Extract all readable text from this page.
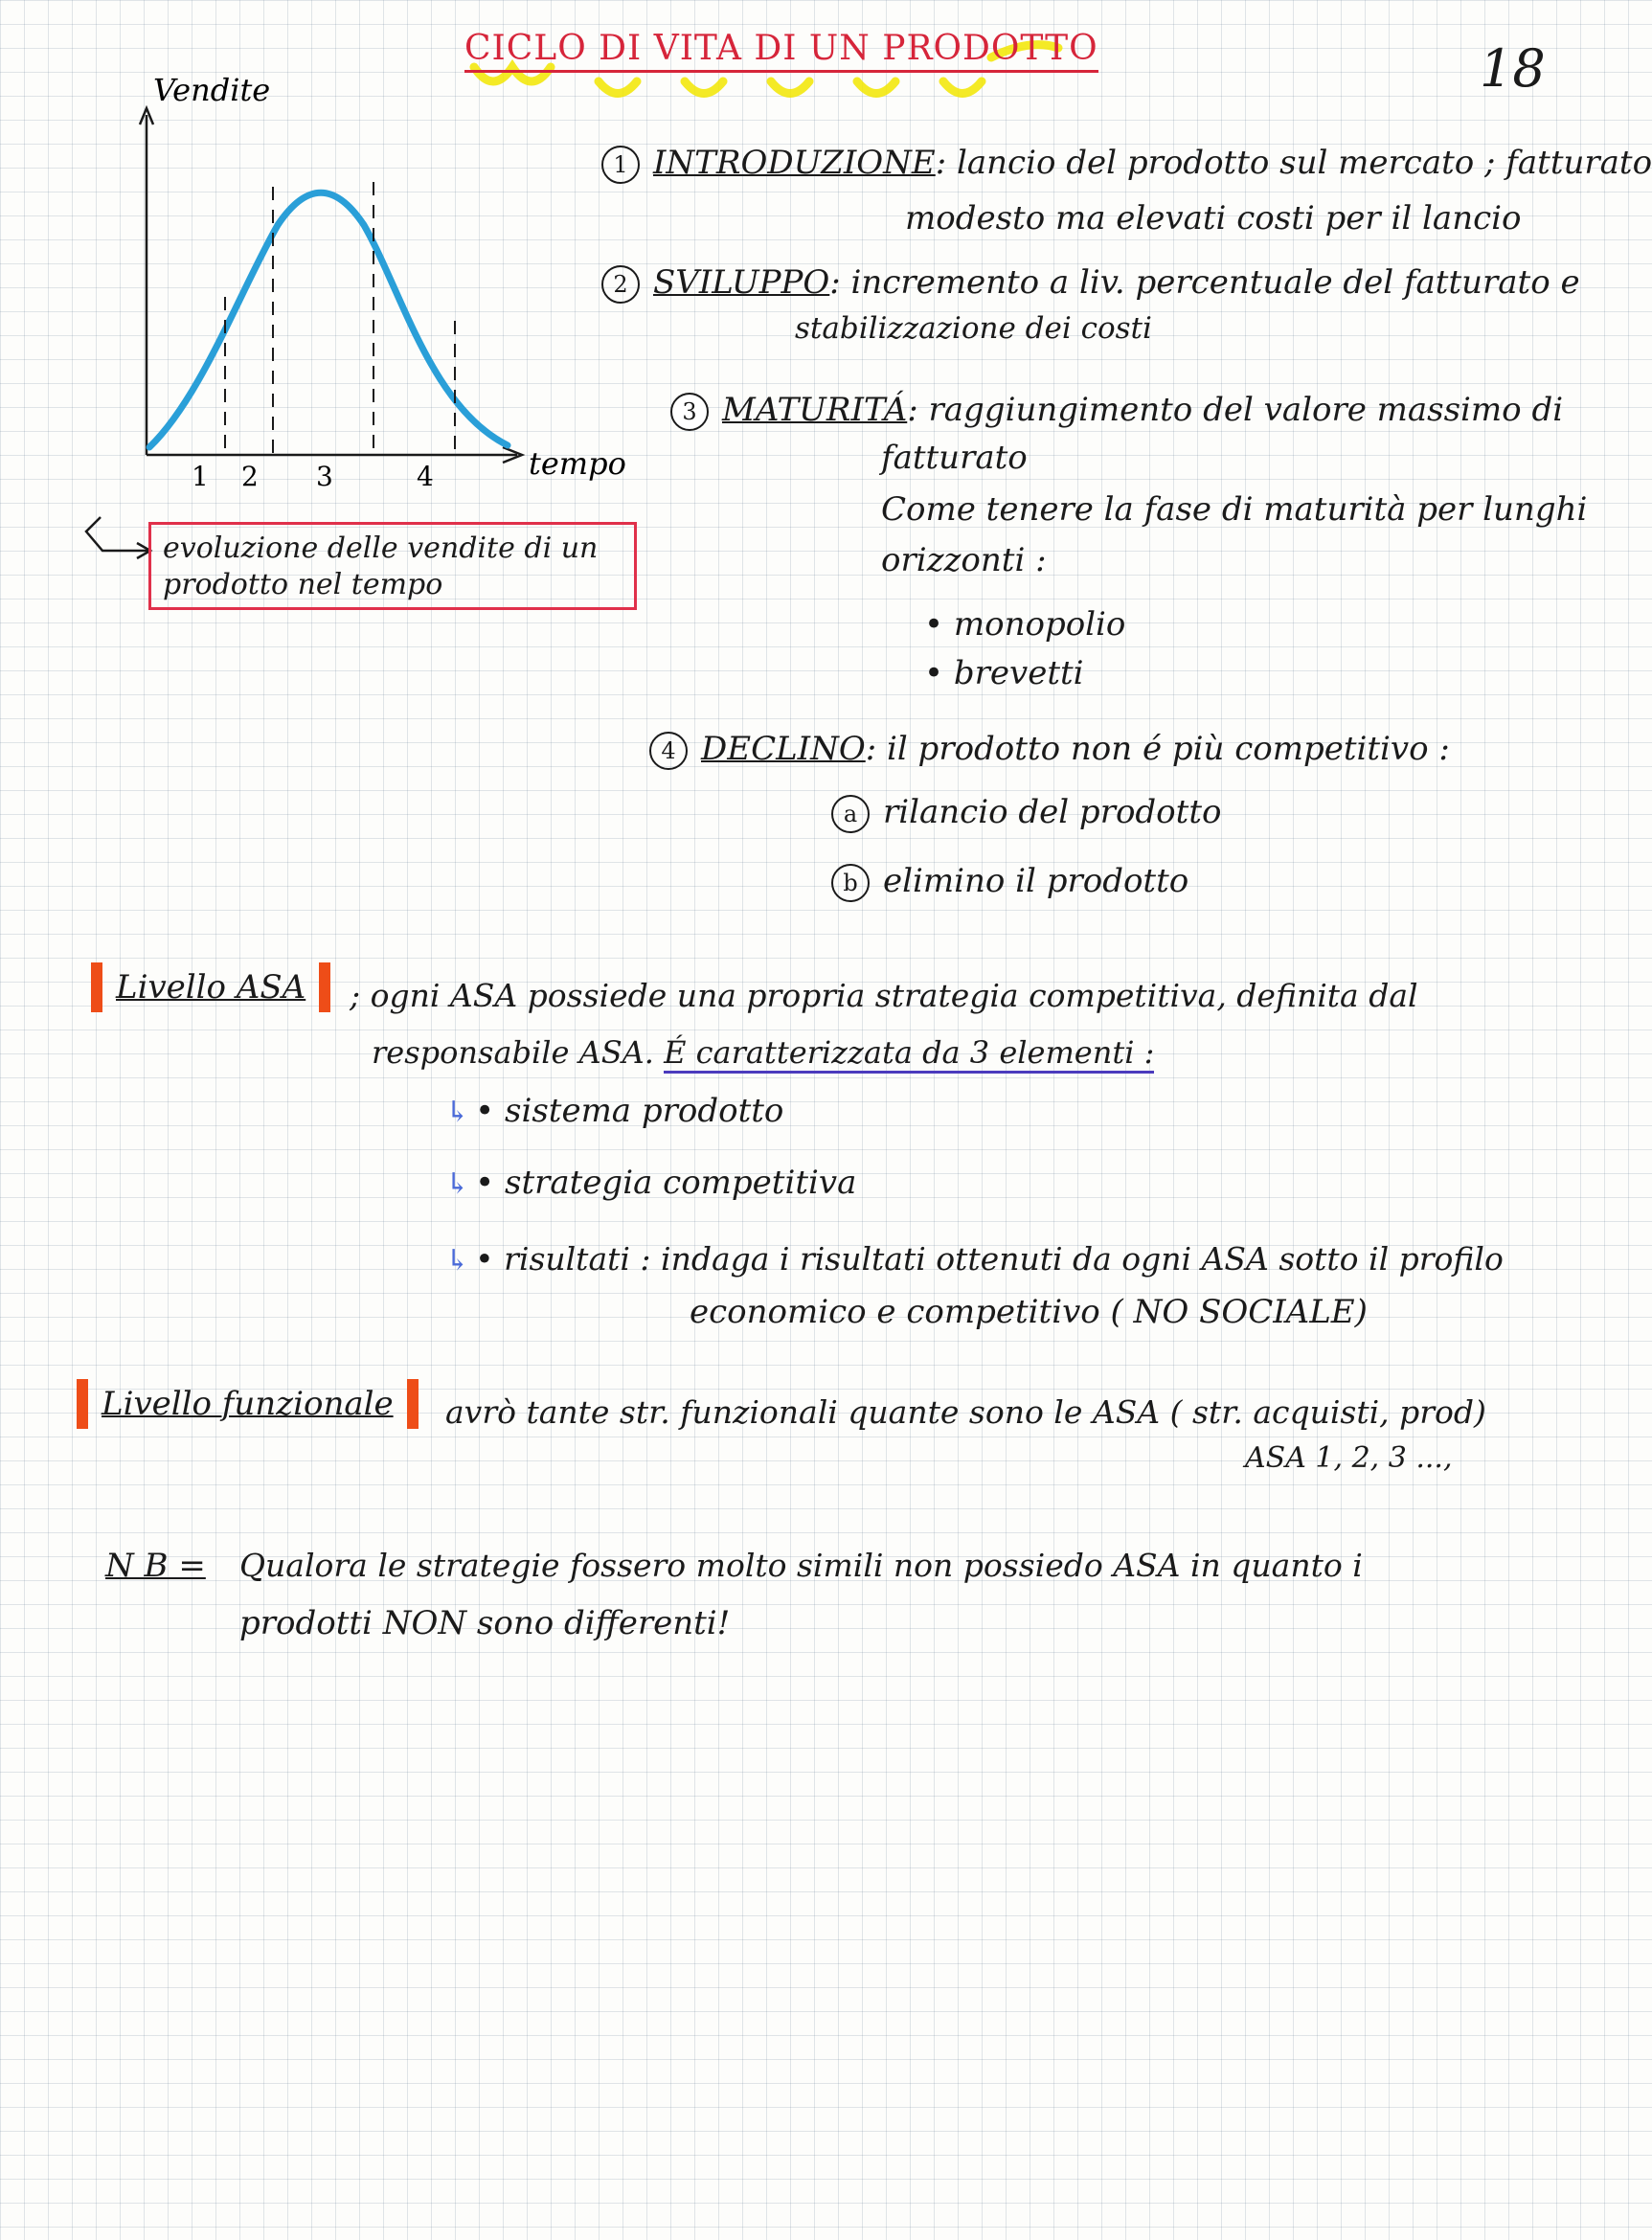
CICLO DI VITA DI UN PRODOTTO	18
Vendite
tempo
1 2 3	4
evoluzione delle vendite di un prodotto nel tempo
1 INTRODUZIONE: lancio del prodotto sul mercato ; fatturato
modesto ma elevati costi per il lancio
2 SVILUPPO: incremento a liv. percentuale del fatturato e
stabilizzazione dei costi
3 MATURITÁ: raggiungimento del valore massimo di
fatturato
Come tenere la fase di maturità per lunghi
orizzonti :
• monopolio
• brevetti
4 DECLINO: il prodotto non é più competitivo :
a rilancio del prodotto
b elimino il prodotto
Livello ASA	; ogni ASA possiede una propria strategia competitiva, definita dal
responsabile ASA. É caratterizzata da 3 elementi :
↳ • sistema prodotto
↳ • strategia competitiva
↳ • risultati : indaga i risultati ottenuti da ogni ASA sotto il profilo
economico e competitivo ( NO SOCIALE)
Livello funzionale	avrò tante str. funzionali quante sono le ASA ( str. acquisti, prod)
ASA 1, 2, 3 ...,
N B = Qualora le strategie fossero molto simili non possiedo ASA in quanto i
prodotti NON sono differenti!
